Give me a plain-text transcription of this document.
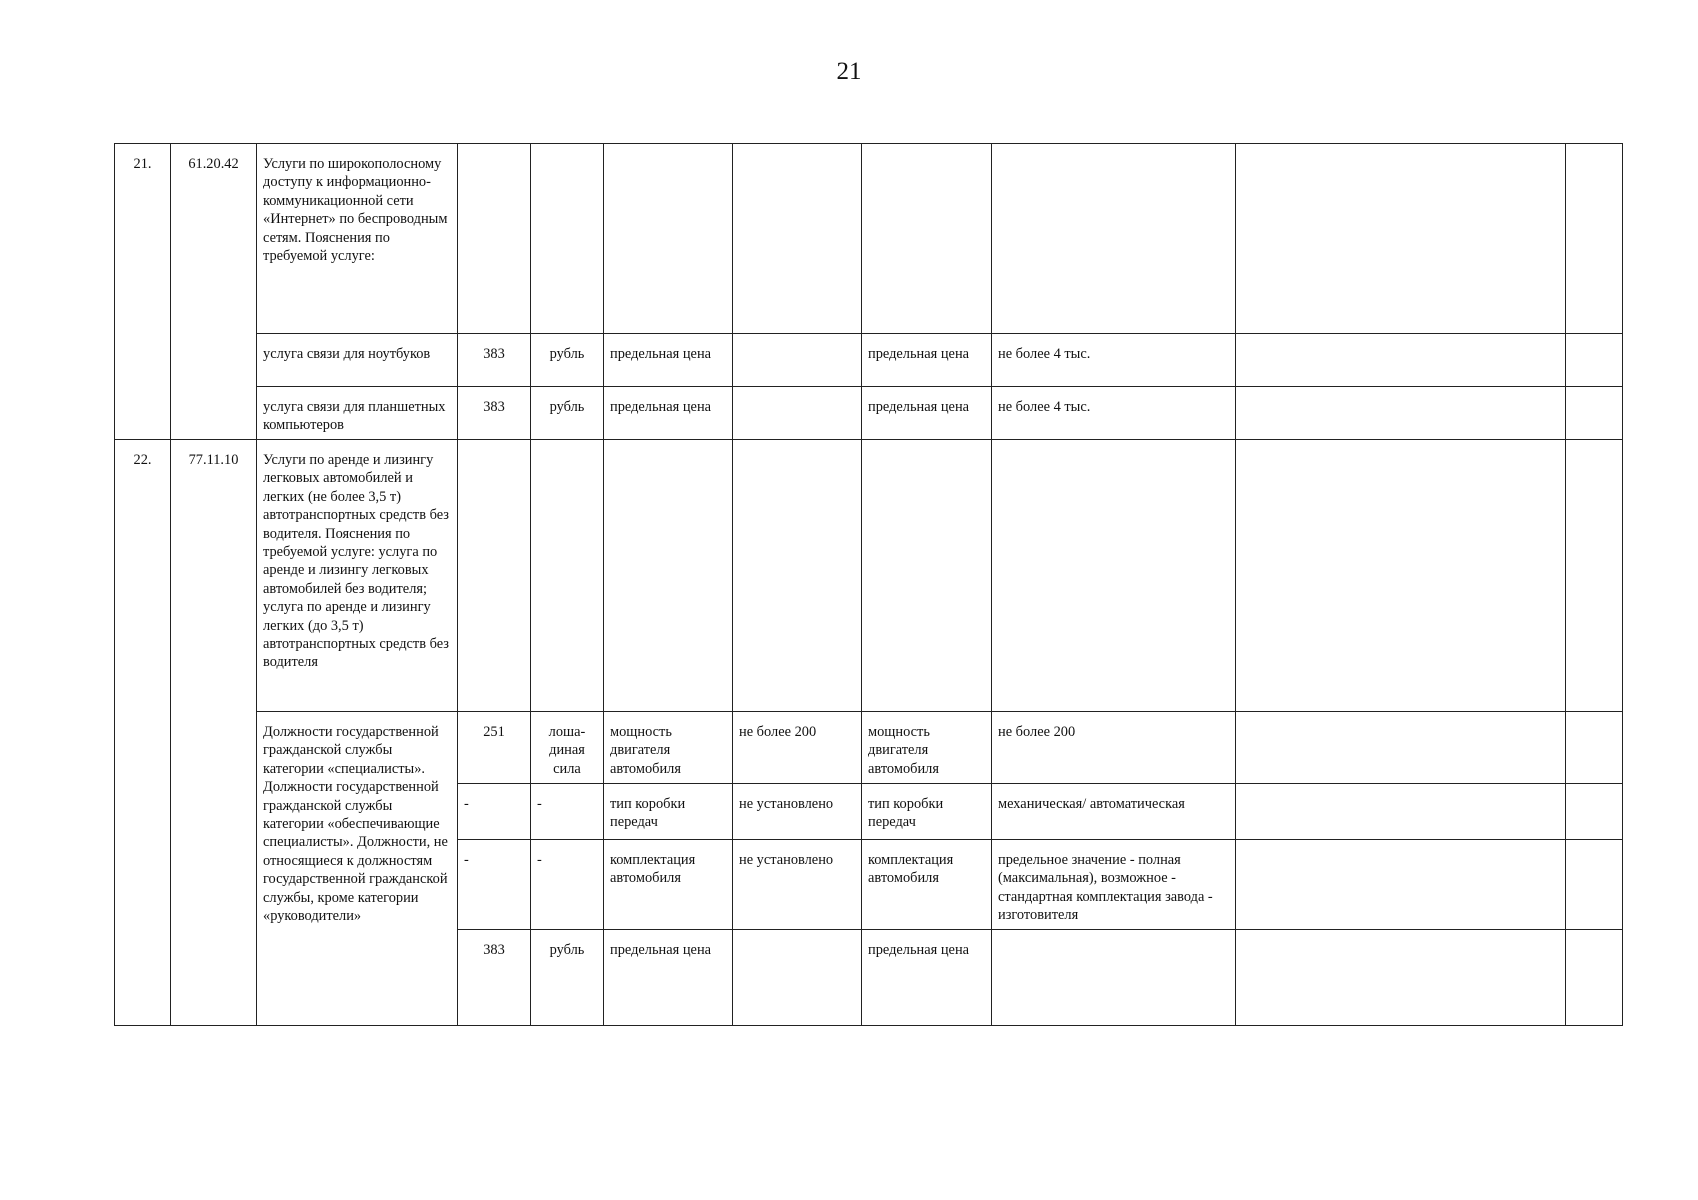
21
21.	61.20.42	Услуги по широкополосному доступу к информационно-коммуникационной сети «Интернет» по беспроводным сетям. Пояснения по требуемой услуге:								
		услуга связи для ноутбуков	383	рубль	предельная цена		предельная цена	не более 4 тыс.		
		услуга связи для планшетных компьютеров	383	рубль	предельная цена		предельная цена	не более 4 тыс.		
22.	77.11.10	Услуги по аренде и лизингу легковых автомобилей и легких (не более 3,5 т) автотранспортных средств без водителя. Пояснения по требуемой услуге: услуга по аренде и лизингу легковых автомобилей без водителя; услуга по аренде и лизингу легких (до 3,5 т) автотранспортных средств без водителя								
		Должности государственной гражданской службы категории «специалисты». Должности государственной гражданской службы категории «обеспечивающие специалисты». Должности, не относящиеся к должностям государственной гражданской службы, кроме категории «руководители»	251	лоша-диная сила	мощность двигателя автомобиля	не более 200	мощность двигателя автомобиля	не более 200		
			-	-	тип коробки передач	не установлено	тип коробки передач	механическая/ автоматическая		
			-	-	комплектация автомобиля	не установлено	комплектация автомобиля	предельное значение - полная (максимальная), возможное - стандартная комплектация завода - изготовителя		
			383	рубль	предельная цена		предельная цена			
